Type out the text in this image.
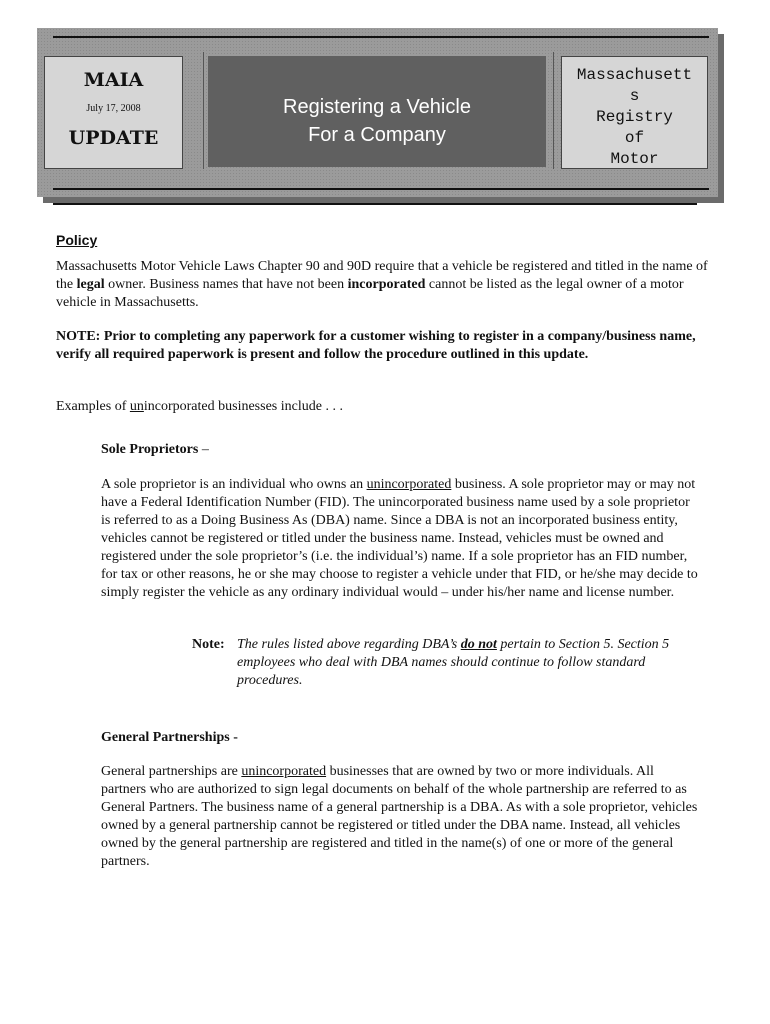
MAIA
July 17, 2008
UPDATE
Registering a Vehicle
For a Company
Massachusett
s
Registry
of
Motor
Policy

Massachusetts Motor Vehicle Laws Chapter 90 and 90D require that a vehicle be registered and titled in the name of the legal owner. Business names that have not been incorporated cannot be listed as the legal owner of a motor vehicle in Massachusetts.

NOTE: Prior to completing any paperwork for a customer wishing to register in a company/business name, verify all required paperwork is present and follow the procedure outlined in this update.

Examples of unincorporated businesses include . . .

Sole Proprietors –

A sole proprietor is an individual who owns an unincorporated business. A sole proprietor may or may not have a Federal Identification Number (FID). The unincorporated business name used by a sole proprietor is referred to as a Doing Business As (DBA) name. Since a DBA is not an incorporated business entity, vehicles cannot be registered or titled under the business name. Instead, vehicles must be owned and registered under the sole proprietor’s (i.e. the individual’s) name. If a sole proprietor has an FID number, for tax or other reasons, he or she may choose to register a vehicle under that FID, or he/she may decide to simply register the vehicle as any ordinary individual would – under his/her name and license number.

Note: The rules listed above regarding DBA’s do not pertain to Section 5. Section 5 employees who deal with DBA names should continue to follow standard procedures.

General Partnerships -

General partnerships are unincorporated businesses that are owned by two or more individuals. All partners who are authorized to sign legal documents on behalf of the whole partnership are referred to as General Partners. The business name of a general partnership is a DBA. As with a sole proprietor, vehicles owned by a general partnership cannot be registered or titled under the DBA name. Instead, all vehicles owned by the general partnership are registered and titled in the name(s) of one or more of the general partners.
